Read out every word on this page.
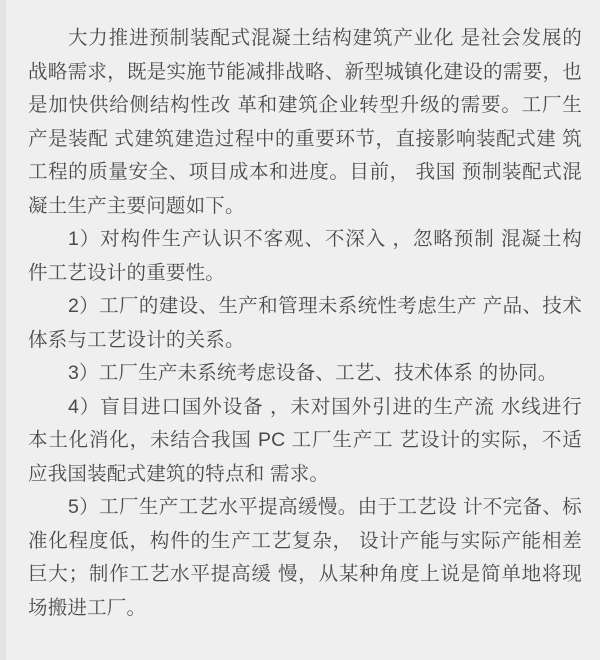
大力推进预制装配式混凝土结构建筑产业化 是社会发展的战略需求，既是实施节能减排战略、新型城镇化建设的需要，也是加快供给侧结构性改 革和建筑企业转型升级的需要。工厂生产是装配 式建筑建造过程中的重要环节，直接影响装配式建 筑工程的质量安全、项目成本和进度。目前， 我国 预制装配式混凝土生产主要问题如下。

1）对构件生产认识不客观、不深入 ，忽略预制 混凝土构件工艺设计的重要性。

2）工厂的建设、生产和管理未系统性考虑生产 产品、技术体系与工艺设计的关系。

3）工厂生产未系统考虑设备、工艺、技术体系 的协同。

4）盲目进口国外设备 ，未对国外引进的生产流 水线进行本土化消化，未结合我国 PC 工厂生产工 艺设计的实际，不适应我国装配式建筑的特点和 需求。

5）工厂生产工艺水平提高缓慢。由于工艺设 计不完备、标准化程度低，构件的生产工艺复杂， 设计产能与实际产能相差巨大；制作工艺水平提高缓 慢，从某种角度上说是简单地将现场搬进工厂。
